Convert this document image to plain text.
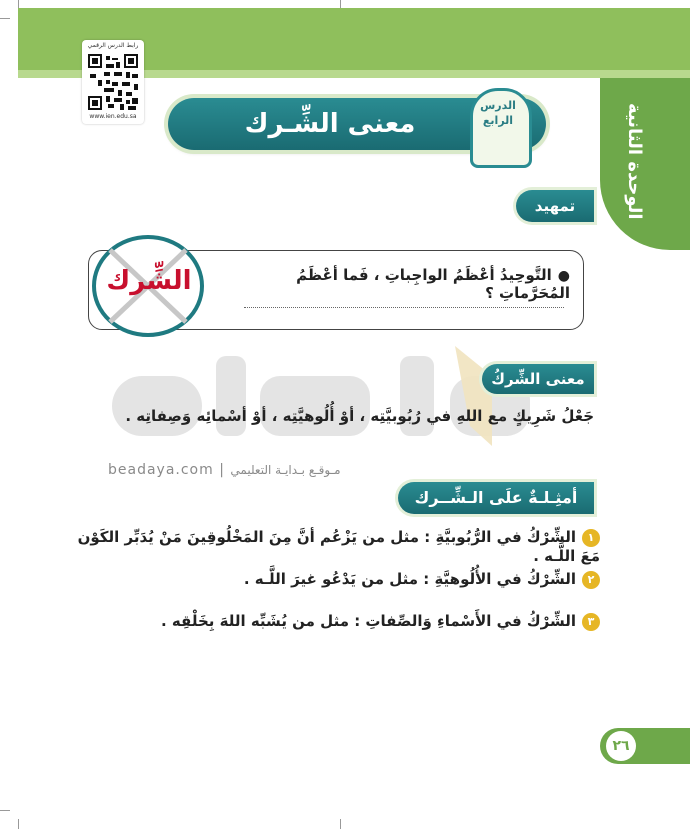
رابط الدرس الرقمي
www.ien.edu.sa	الوحدة الثانية
معنى الشِّـرك
الدرس
الرابع
تمهيد
●التَّوحِيدُ أعْظَمُ الواجِباتِ ، فَما أعْظَمُ المُحَرَّماتِ ؟
الشِّرك
beadaya.com | مـوقـع بـدايـة التعليمي
معنى الشِّركُ
جَعْلُ شَرِيكٍ مع اللهِ في رُبُوبيَّتِه ، أوْ أُلُوهيَّتِه ، أوْ أسْمائِه وَصِفاتِه .
أمثِـلـةٌ علَى الـشِّــرك
١الشِّرْكُ في الرُّبُوبيَّةِ : مثل من يَزْعُم أنَّ مِنَ المَخْلُوقِينَ مَنْ يُدَبِّر الكَوْن مَعَ اللَّـه .
٢الشِّرْكُ في الأُلُوهيَّةِ : مثل من يَدْعُو غيرَ اللَّـه .
٣الشِّرْكُ في الأَسْماءِ وَالصِّفاتِ : مثل من يُشَبِّه اللهَ بِخَلْقِه .
٢٦
